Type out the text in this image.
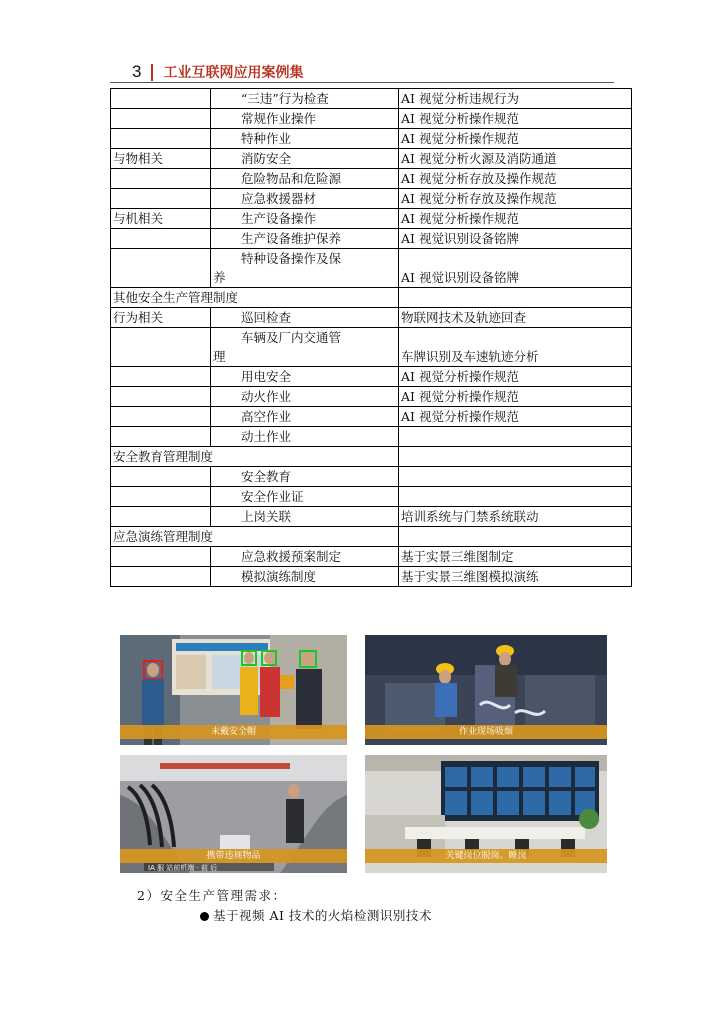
3 工业互联网应用案例集
	“三违”行为检查	AI 视觉分析违规行为
	常规作业操作	AI 视觉分析操作规范
	特种作业	AI 视觉分析操作规范
与物相关	消防安全	AI 视觉分析火源及消防通道
	危险物品和危险源	AI 视觉分析存放及操作规范
	应急救援器材	AI 视觉分析存放及操作规范
与机相关	生产设备操作	AI 视觉分析操作规范
	生产设备维护保养	AI 视觉识别设备铭牌

	特种设备操作及保
养	AI 视觉识别设备铭牌
其他安全生产管理制度		
行为相关	巡回检查	物联网技术及轨迹回查

	车辆及厂内交通管
理	车牌识别及车速轨迹分析
	用电安全	AI 视觉分析操作规范
	动火作业	AI 视觉分析操作规范
	高空作业	AI 视觉分析操作规范
	动土作业	
安全教育管理制度		
	安全教育	
	安全作业证	
	上岗关联	培训系统与门禁系统联动
应急演练管理制度		
	应急救援预案制定	基于实景三维图制定
	模拟演练制度	基于实景三维图模拟演练
未戴安全帽	作业现场吸烟
IA 服 站前机端 · 前 后
携带违规物品	关键岗位脱岗、睡岗
2）安全生产管理需求：
基于视频 AI 技术的火焰检测识别技术
